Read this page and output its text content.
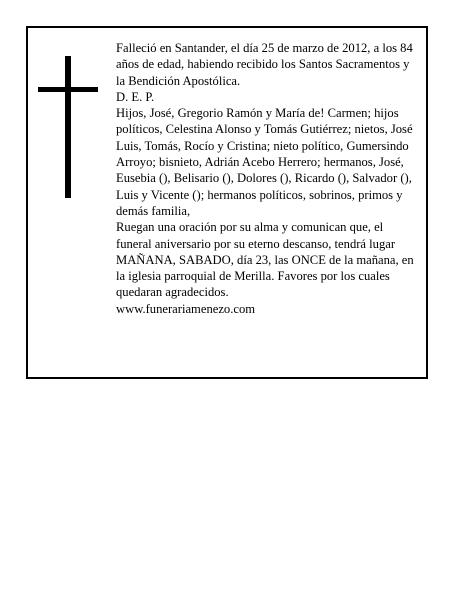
Falleció en Santander, el día 25 de marzo de 2012, a los 84 años de edad, habiendo recibido los Santos Sacramentos y la Bendición Apostólica.

D. E. P.

Hijos, José, Gregorio Ramón y María de! Carmen; hijos políticos, Celestina Alonso y Tomás Gutiérrez; nietos, José Luis, Tomás, Rocío y Cristina; nieto político, Gumersindo Arroyo; bisnieto, Adrián Acebo Herrero; hermanos, José, Eusebia (), Belisario (), Dolores (), Ricardo (), Salvador (), Luis y Vicente (); hermanos políticos, sobrinos, primos y demás familia,

Ruegan una oración por su alma y comunican que, el funeral aniversario por su eterno descanso, tendrá lugar MAÑANA, SABADO, día 23, las ONCE de la mañana, en la iglesia parroquial de Merilla. Favores por los cuales quedaran agradecidos.

www.funerariamenezo.com
